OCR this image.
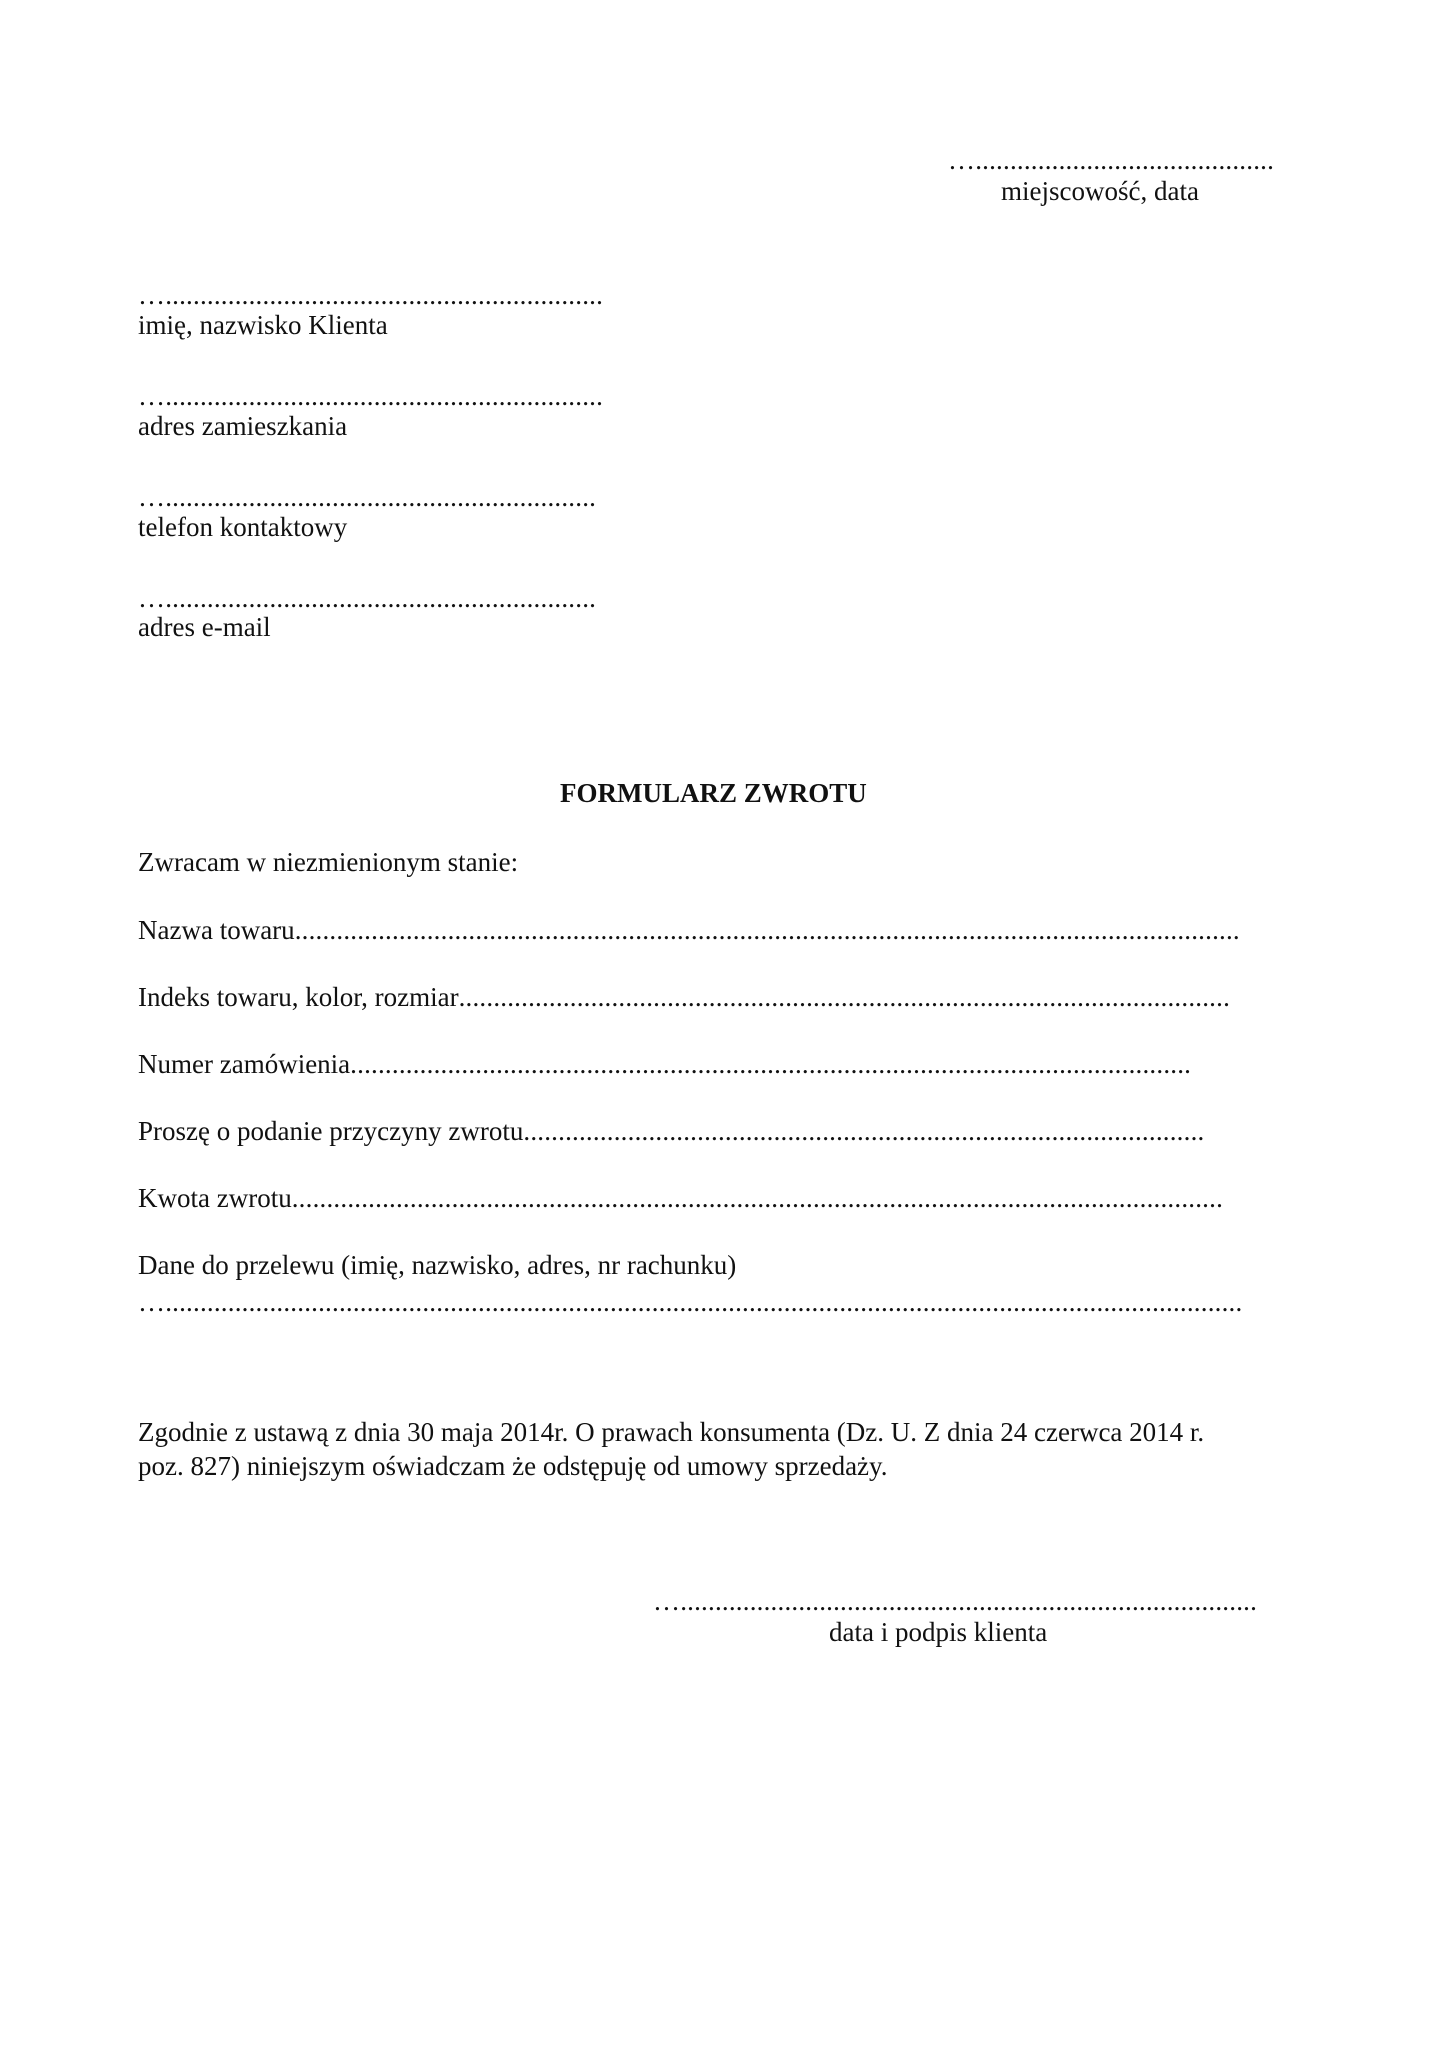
…...........................................
miejscowość, data
…...............................................................
imię, nazwisko Klienta
…...............................................................
adres zamieszkania
…..............................................................
telefon kontaktowy
…..............................................................
adres e-mail
FORMULARZ ZWROTU
Zwracam w niezmienionym stanie:
Nazwa towaru........................................................................................................................................
Indeks towaru, kolor, rozmiar...............................................................................................................
Numer zamówienia.........................................................................................................................
Proszę o podanie przyczyny zwrotu..................................................................................................
Kwota zwrotu......................................................................................................................................
Dane do przelewu (imię, nazwisko, adres, nr rachunku)
…...........................................................................................................................................................
Zgodnie z ustawą z dnia 30 maja 2014r. O prawach konsumenta (Dz. U. Z dnia 24 czerwca 2014 r.
poz. 827) niniejszym oświadczam że odstępuję od umowy sprzedaży.
…...................................................................................
data i podpis klienta
